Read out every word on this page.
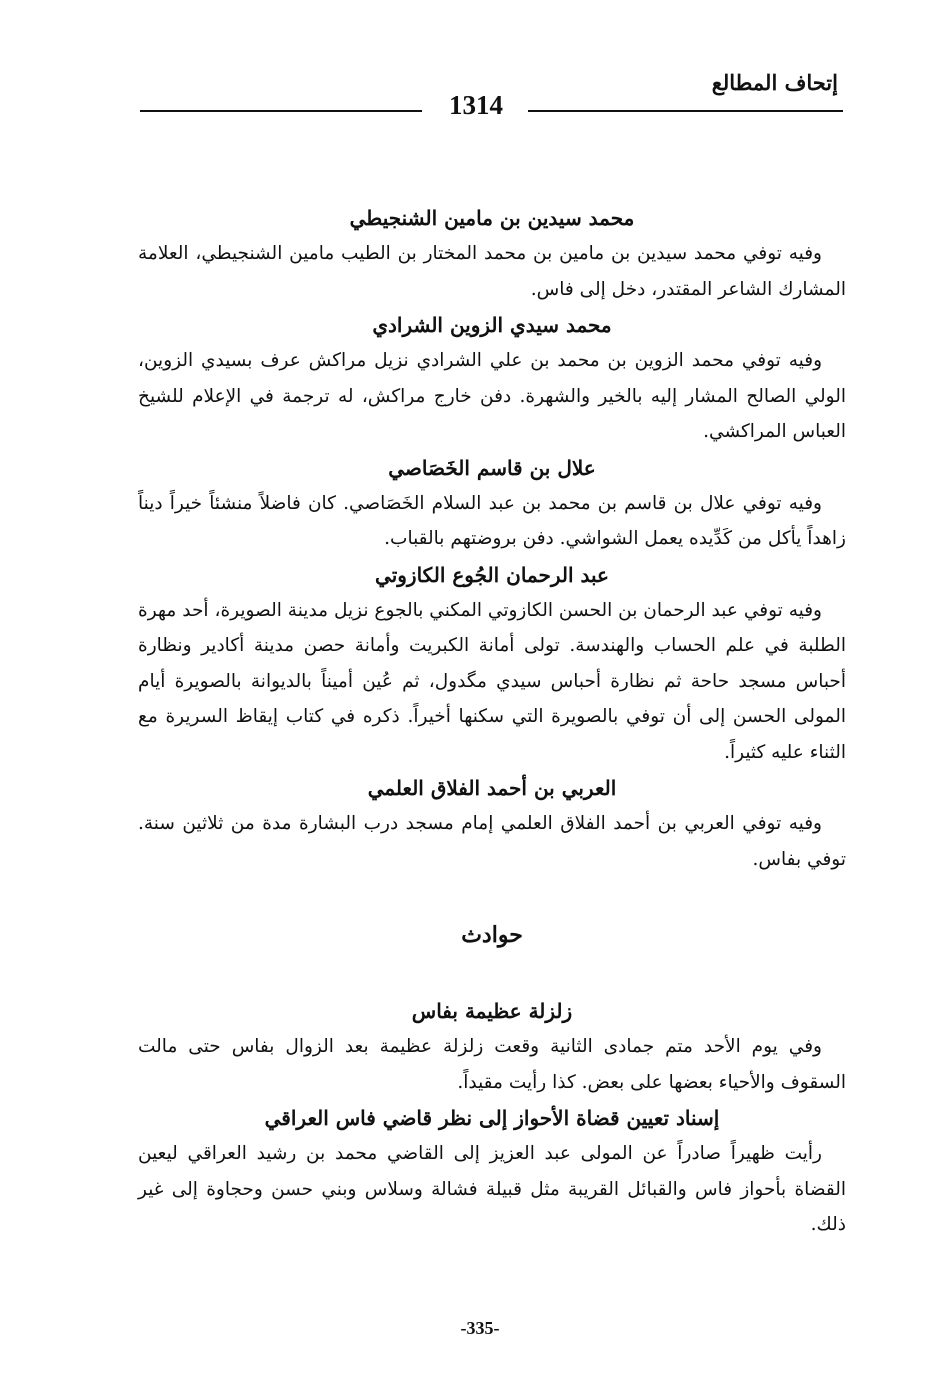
إتحاف المطالع
1314
محمد سيدين بن مامين الشنجيطي

وفيه توفي محمد سيدين بن مامين بن محمد المختار بن الطيب مامين الشنجيطي، العلامة المشارك الشاعر المقتدر، دخل إلى فاس.

محمد سيدي الزوين الشرادي

وفيه توفي محمد الزوين بن محمد بن علي الشرادي نزيل مراكش عرف بسيدي الزوين، الولي الصالح المشار إليه بالخير والشهرة. دفن خارج مراكش، له ترجمة في الإعلام للشيخ العباس المراكشي.

علال بن قاسم الخَصَاصي

وفيه توفي علال بن قاسم بن محمد بن عبد السلام الخَصَاصي. كان فاضلاً منشئاً خيراً ديناً زاهداً يأكل من كَدِّيده يعمل الشواشي. دفن بروضتهم بالقباب.

عبد الرحمان الجُوع الكازوتي

وفيه توفي عبد الرحمان بن الحسن الكازوتي المكني بالجوع نزيل مدينة الصويرة، أحد مهرة الطلبة في علم الحساب والهندسة. تولى أمانة الكبريت وأمانة حصن مدينة أكادير ونظارة أحباس مسجد حاحة ثم نظارة أحباس سيدي مگدول، ثم عُين أميناً بالديوانة بالصويرة أيام المولى الحسن إلى أن توفي بالصويرة التي سكنها أخيراً. ذكره في كتاب إيقاظ السريرة مع الثناء عليه كثيراً.

العربي بن أحمد الفلاق العلمي

وفيه توفي العربي بن أحمد الفلاق العلمي إمام مسجد درب البشارة مدة من ثلاثين سنة. توفي بفاس.

حوادث
زلزلة عظيمة بفاس

وفي يوم الأحد متم جمادى الثانية وقعت زلزلة عظيمة بعد الزوال بفاس حتى مالت السقوف والأحياء بعضها على بعض. كذا رأيت مقيداً.

إسناد تعيين قضاة الأحواز إلى نظر قاضي فاس العراقي

رأيت ظهيراً صادراً عن المولى عبد العزيز إلى القاضي محمد بن رشيد العراقي ليعين القضاة بأحواز فاس والقبائل القريبة مثل قبيلة فشالة وسلاس وبني حسن وحجاوة إلى غير ذلك.

-335-
